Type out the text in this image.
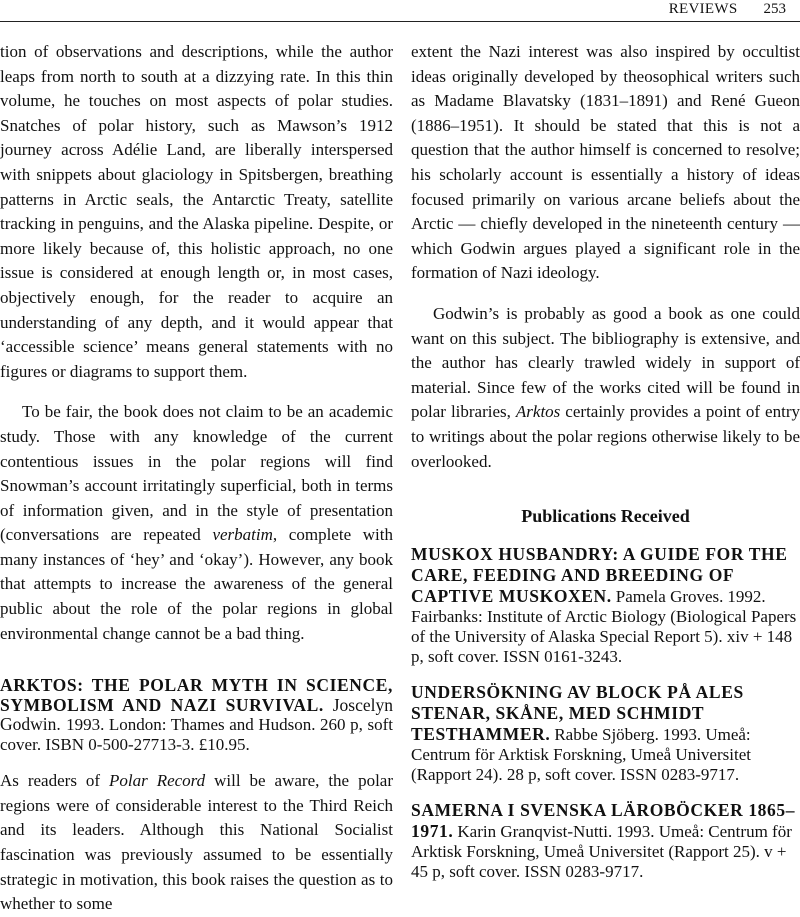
REVIEWS 253

tion of observations and descriptions, while the author leaps from north to south at a dizzying rate. In this thin volume, he touches on most aspects of polar studies. Snatches of polar history, such as Mawson’s 1912 journey across Adélie Land, are liberally interspersed with snippets about glaciology in Spitsbergen, breathing patterns in Arctic seals, the Antarctic Treaty, satellite tracking in penguins, and the Alaska pipeline. Despite, or more likely because of, this holistic approach, no one issue is considered at enough length or, in most cases, objectively enough, for the reader to acquire an understanding of any depth, and it would appear that ‘accessible science’ means general statements with no figures or diagrams to support them.

To be fair, the book does not claim to be an academic study. Those with any knowledge of the current contentious issues in the polar regions will find Snowman’s account irritatingly superficial, both in terms of information given, and in the style of presentation (conversations are repeated verbatim, complete with many instances of ‘hey’ and ‘okay’). However, any book that attempts to increase the awareness of the general public about the role of the polar regions in global environmental change cannot be a bad thing.

ARKTOS: THE POLAR MYTH IN SCIENCE, SYMBOLISM AND NAZI SURVIVAL. Joscelyn Godwin. 1993. London: Thames and Hudson. 260 p, soft cover. ISBN 0-500-27713-3. £10.95.

As readers of Polar Record will be aware, the polar regions were of considerable interest to the Third Reich and its leaders. Although this National Socialist fascination was previously assumed to be essentially strategic in motivation, this book raises the question as to whether to some

extent the Nazi interest was also inspired by occultist ideas originally developed by theosophical writers such as Madame Blavatsky (1831–1891) and René Gueon (1886–1951). It should be stated that this is not a question that the author himself is concerned to resolve; his scholarly account is essentially a history of ideas focused primarily on various arcane beliefs about the Arctic — chiefly developed in the nineteenth century — which Godwin argues played a significant role in the formation of Nazi ideology.

Godwin’s is probably as good a book as one could want on this subject. The bibliography is extensive, and the author has clearly trawled widely in support of material. Since few of the works cited will be found in polar libraries, Arktos certainly provides a point of entry to writings about the polar regions otherwise likely to be overlooked.

Publications Received
MUSKOX HUSBANDRY: A GUIDE FOR THE CARE, FEEDING AND BREEDING OF CAPTIVE MUSKOXEN. Pamela Groves. 1992. Fairbanks: Institute of Arctic Biology (Biological Papers of the University of Alaska Special Report 5). xiv + 148 p, soft cover. ISSN 0161-3243.
UNDERSÖKNING AV BLOCK PÅ ALES STENAR, SKÅNE, MED SCHMIDT TESTHAMMER. Rabbe Sjöberg. 1993. Umeå: Centrum för Arktisk Forskning, Umeå Universitet (Rapport 24). 28 p, soft cover. ISSN 0283-9717.
SAMERNA I SVENSKA LÄROBÖCKER 1865–1971. Karin Granqvist-Nutti. 1993. Umeå: Centrum för Arktisk Forskning, Umeå Universitet (Rapport 25). v + 45 p, soft cover. ISSN 0283-9717.
